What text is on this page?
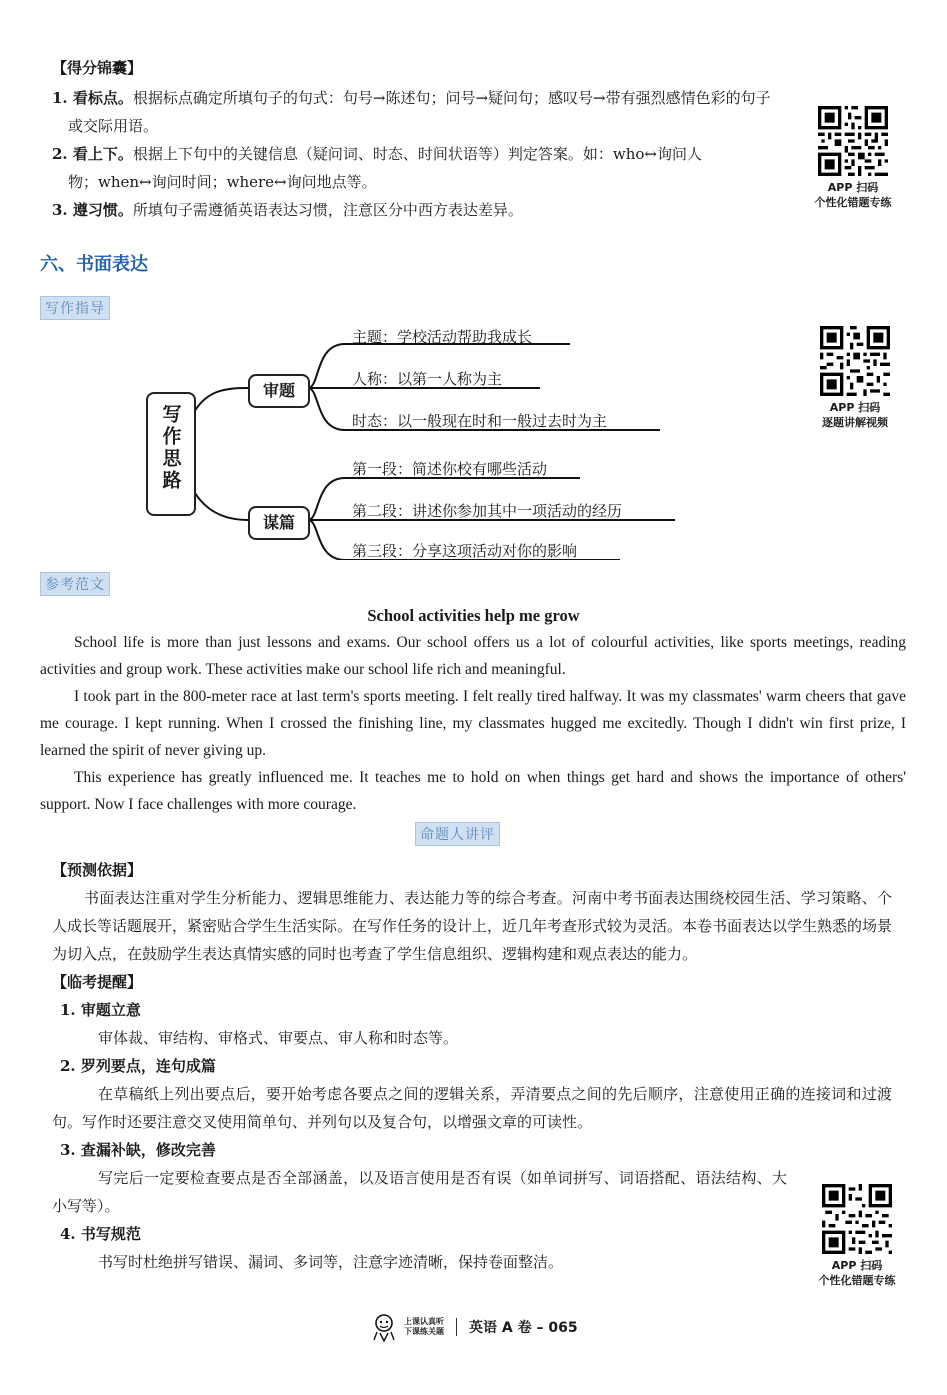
【得分锦囊】
1. 看标点。根据标点确定所填句子的句式：句号→陈述句；问号→疑问句；感叹号→带有强烈感情色彩的句子
或交际用语。
2. 看上下。根据上下句中的关键信息（疑问词、时态、时间状语等）判定答案。如：who↔询问人
物；when↔询问时间；where↔询问地点等。
3. 遵习惯。所填句子需遵循英语表达习惯，注意区分中西方表达差异。
APP 扫码
个性化错题专练
六、书面表达
写作指导
写作思路
审题
谋篇
主题：学校活动帮助我成长
人称：以第一人称为主
时态：以一般现在时和一般过去时为主
第一段：简述你校有哪些活动
第二段：讲述你参加其中一项活动的经历
第三段：分享这项活动对你的影响
APP 扫码
逐题讲解视频
参考范文
School activities help me grow

School life is more than just lessons and exams. Our school offers us a lot of colourful activities, like sports meetings, reading activities and group work. These activities make our school life rich and meaningful.

I took part in the 800-meter race at last term's sports meeting. I felt really tired halfway. It was my classmates' warm cheers that gave me courage. I kept running. When I crossed the finishing line, my classmates hugged me excitedly. Though I didn't win first prize, I learned the spirit of never giving up.

This experience has greatly influenced me. It teaches me to hold on when things get hard and shows the importance of others' support. Now I face challenges with more courage.

命题人讲评
【预测依据】

书面表达注重对学生分析能力、逻辑思维能力、表达能力等的综合考查。河南中考书面表达围绕校园生活、学习策略、个人成长等话题展开，紧密贴合学生生活实际。在写作任务的设计上，近几年考查形式较为灵活。本卷书面表达以学生熟悉的场景为切入点，在鼓励学生表达真情实感的同时也考查了学生信息组织、逻辑构建和观点表达的能力。

【临考提醒】
1. 审题立意

审体裁、审结构、审格式、审要点、审人称和时态等。

2. 罗列要点，连句成篇

在草稿纸上列出要点后，要开始考虑各要点之间的逻辑关系，弄清要点之间的先后顺序，注意使用正确的连接词和过渡句。写作时还要注意交叉使用简单句、并列句以及复合句，以增强文章的可读性。

3. 查漏补缺，修改完善

写完后一定要检查要点是否全部涵盖，以及语言使用是否有误（如单词拼写、词语搭配、语法结构、大小写等）。

4. 书写规范

书写时杜绝拼写错误、漏词、多词等，注意字迹清晰，保持卷面整洁。	APP 扫码
个性化错题专练
上课认真听
下课练关题 英语 A 卷 – 065
